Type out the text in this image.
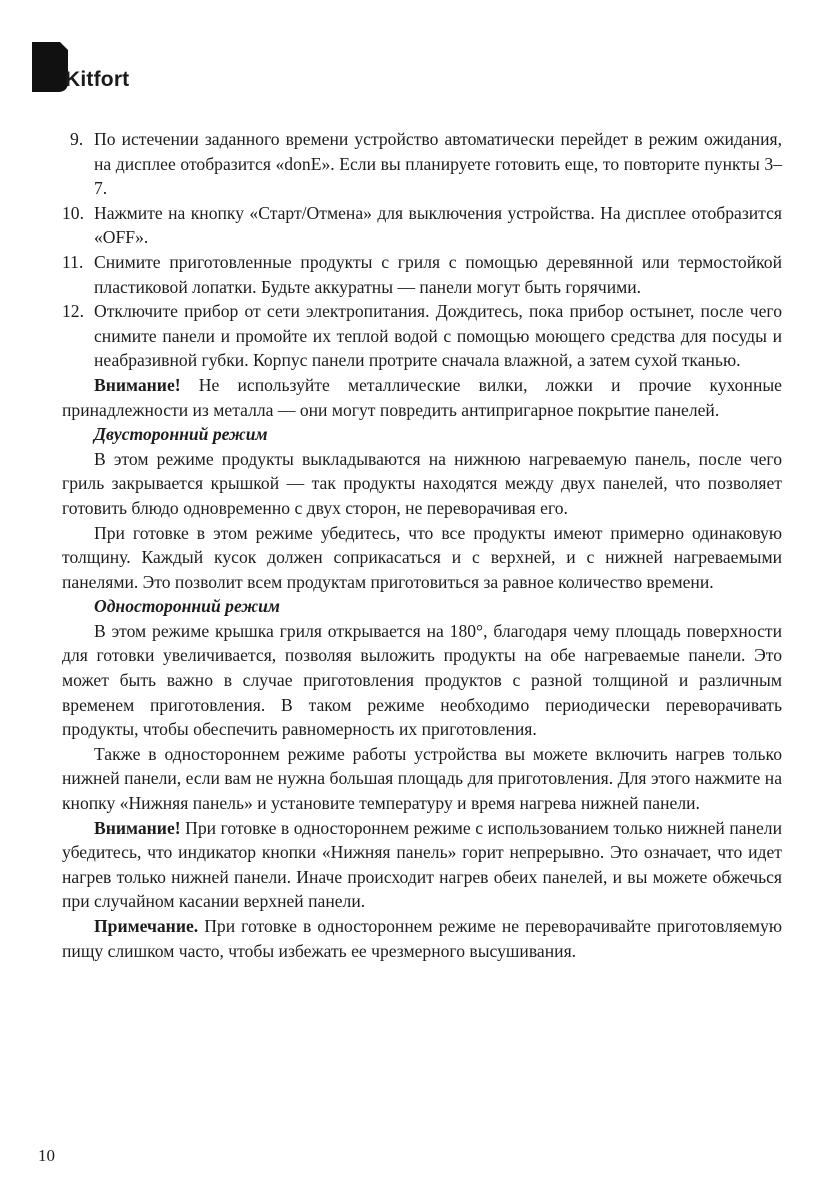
Kitfort
9. По истечении заданного времени устройство автоматически перейдет в режим ожидания, на дисплее отобразится «donE». Если вы планируете готовить еще, то повторите пункты 3–7.
10. Нажмите на кнопку «Старт/Отмена» для выключения устройства. На дисплее отобразится «OFF».
11. Снимите приготовленные продукты с гриля с помощью деревянной или термостойкой пластиковой лопатки. Будьте аккуратны — панели могут быть горячими.
12. Отключите прибор от сети электропитания. Дождитесь, пока прибор остынет, после чего снимите панели и промойте их теплой водой с помощью моющего средства для посуды и неабразивной губки. Корпус панели протрите сначала влажной, а затем сухой тканью.

Внимание! Не используйте металлические вилки, ложки и прочие кухонные принадлежности из металла — они могут повредить антипригарное покрытие панелей.

Двусторонний режим

В этом режиме продукты выкладываются на нижнюю нагреваемую панель, после чего гриль закрывается крышкой — так продукты находятся между двух панелей, что позволяет готовить блюдо одновременно с двух сторон, не переворачивая его.

При готовке в этом режиме убедитесь, что все продукты имеют примерно одинаковую толщину. Каждый кусок должен соприкасаться и с верхней, и с нижней нагреваемыми панелями. Это позволит всем продуктам приготовиться за равное количество времени.

Односторонний режим

В этом режиме крышка гриля открывается на 180°, благодаря чему площадь поверхности для готовки увеличивается, позволяя выложить продукты на обе нагреваемые панели. Это может быть важно в случае приготовления продуктов с разной толщиной и различным временем приготовления. В таком режиме необходимо периодически переворачивать продукты, чтобы обеспечить равномерность их приготовления.

Также в одностороннем режиме работы устройства вы можете включить нагрев только нижней панели, если вам не нужна большая площадь для приготовления. Для этого нажмите на кнопку «Нижняя панель» и установите температуру и время нагрева нижней панели.

Внимание! При готовке в одностороннем режиме с использованием только нижней панели убедитесь, что индикатор кнопки «Нижняя панель» горит непрерывно. Это означает, что идет нагрев только нижней панели. Иначе происходит нагрев обеих панелей, и вы можете обжечься при случайном касании верхней панели.

Примечание. При готовке в одностороннем режиме не переворачивайте приготовляемую пищу слишком часто, чтобы избежать ее чрезмерного высушивания.

10
